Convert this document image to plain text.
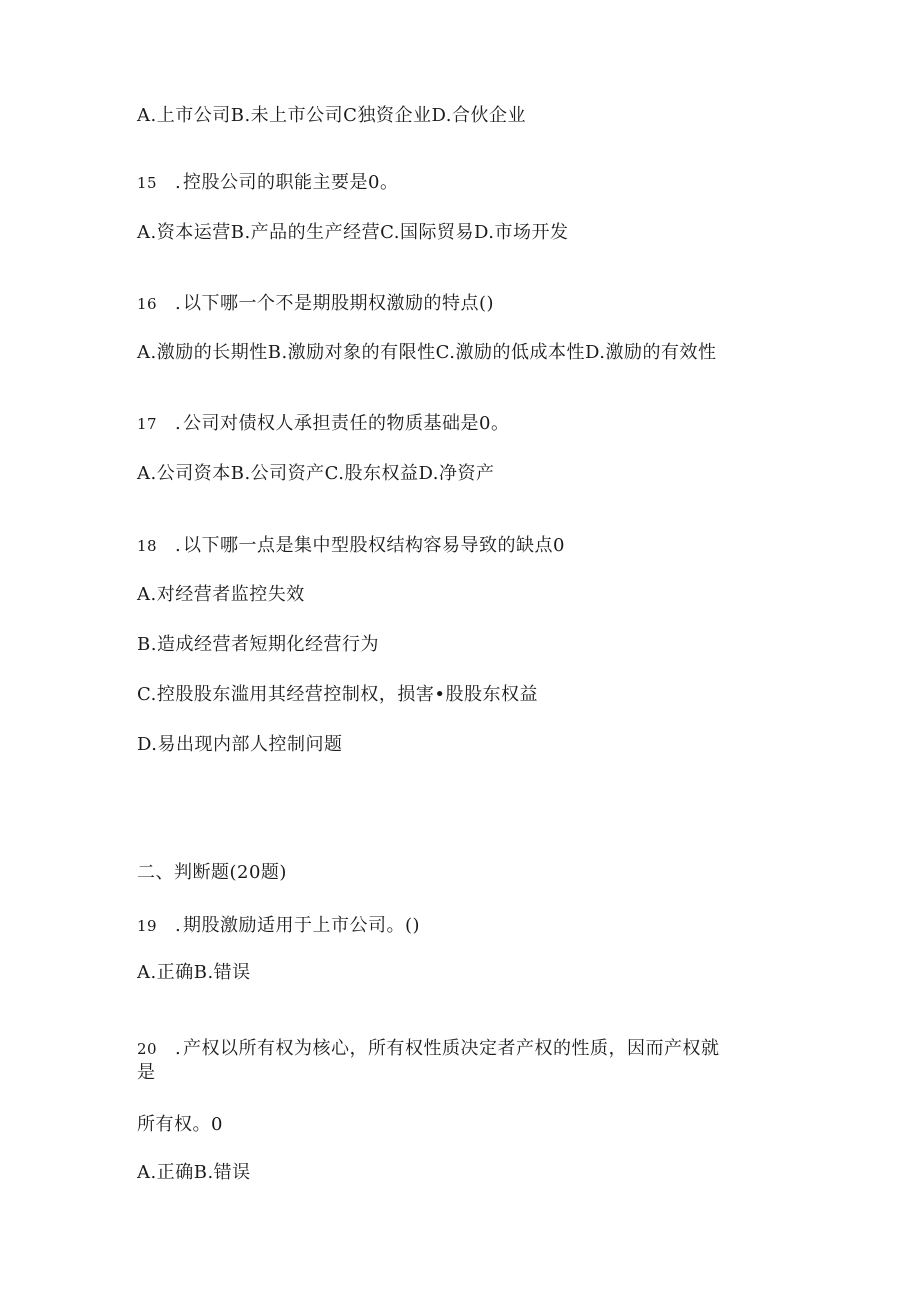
A.上市公司B.未上市公司C独资企业D.合伙企业
15 .控股公司的职能主要是0。
A.资本运营B.产品的生产经营C.国际贸易D.市场开发
16 .以下哪一个不是期股期权激励的特点()
A.激励的长期性B.激励对象的有限性C.激励的低成本性D.激励的有效性
17 .公司对债权人承担责任的物质基础是0。
A.公司资本B.公司资产C.股东权益D.净资产
18 .以下哪一点是集中型股权结构容易导致的缺点0
A.对经营者监控失效
B.造成经营者短期化经营行为
C.控股股东滥用其经营控制权，损害•股股东权益
D.易出现内部人控制问题
二、判断题(20题)
19 .期股激励适用于上市公司。()
A.正确B.错误
20 .产权以所有权为核心，所有权性质决定者产权的性质，因而产权就
是
所有权。0
A.正确B.错误
